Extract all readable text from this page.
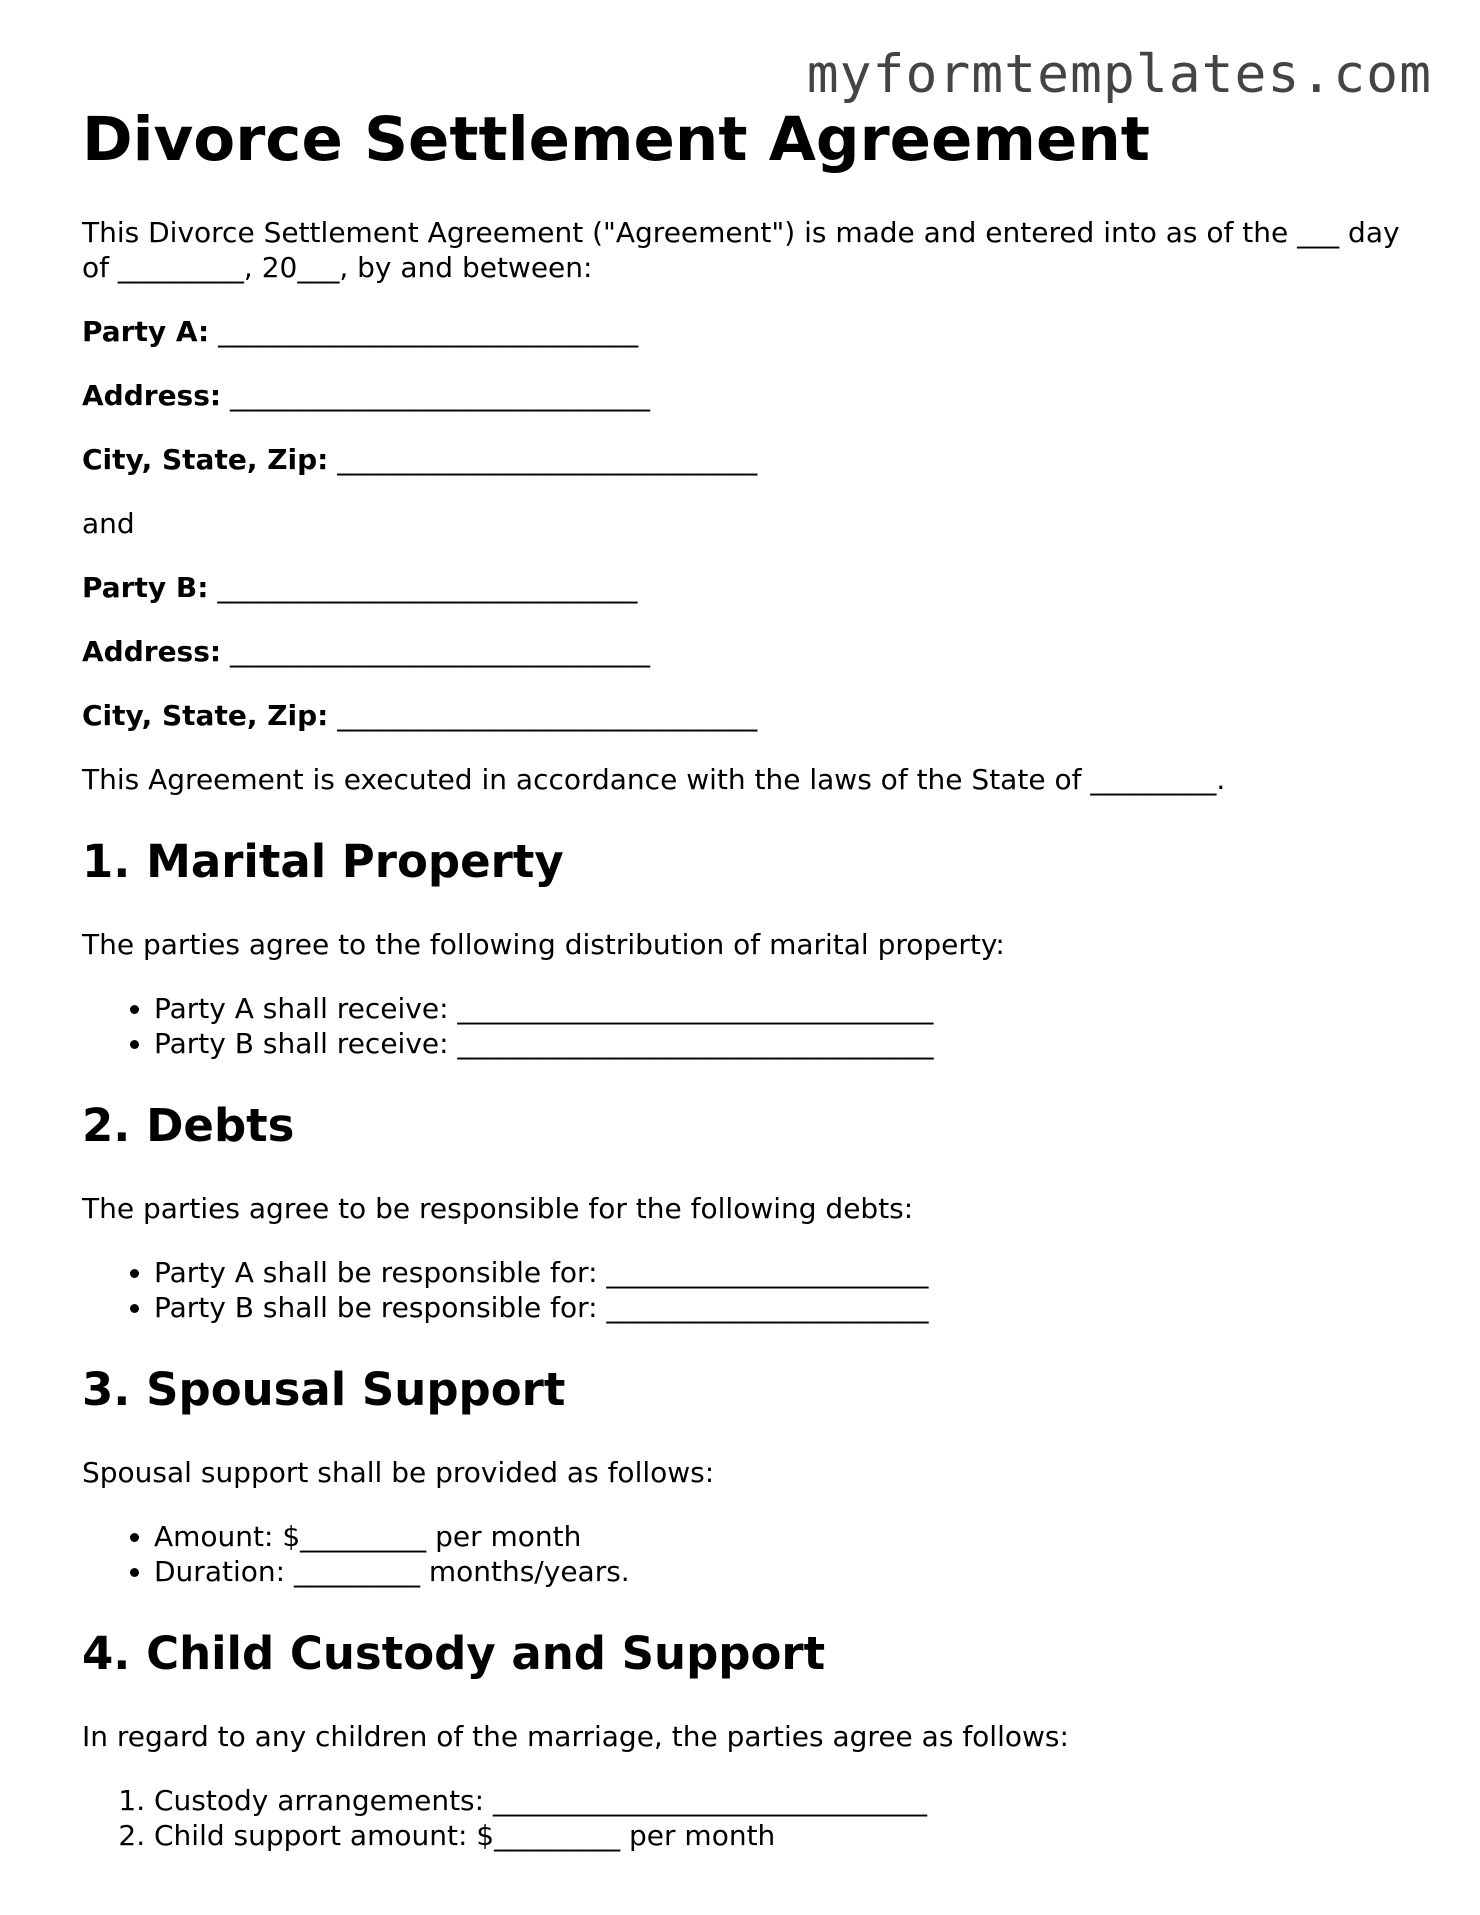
myformtemplates.com
Divorce Settlement Agreement

This Divorce Settlement Agreement ("Agreement") is made and entered into as of the ___ day of _________, 20___, by and between:

Party A: ______________________________

Address: ______________________________

City, State, Zip: ______________________________

and

Party B: ______________________________

Address: ______________________________

City, State, Zip: ______________________________

This Agreement is executed in accordance with the laws of the State of _________.

1. Marital Property

The parties agree to the following distribution of marital property:

• Party A shall receive: __________________________________
• Party B shall receive: __________________________________
2. Debts

The parties agree to be responsible for the following debts:

• Party A shall be responsible for: _______________________
• Party B shall be responsible for: _______________________
3. Spousal Support

Spousal support shall be provided as follows:

• Amount: $_________ per month
• Duration: _________ months/years.
4. Child Custody and Support

In regard to any children of the marriage, the parties agree as follows:

1. Custody arrangements: _______________________________
2. Child support amount: $_________ per month
